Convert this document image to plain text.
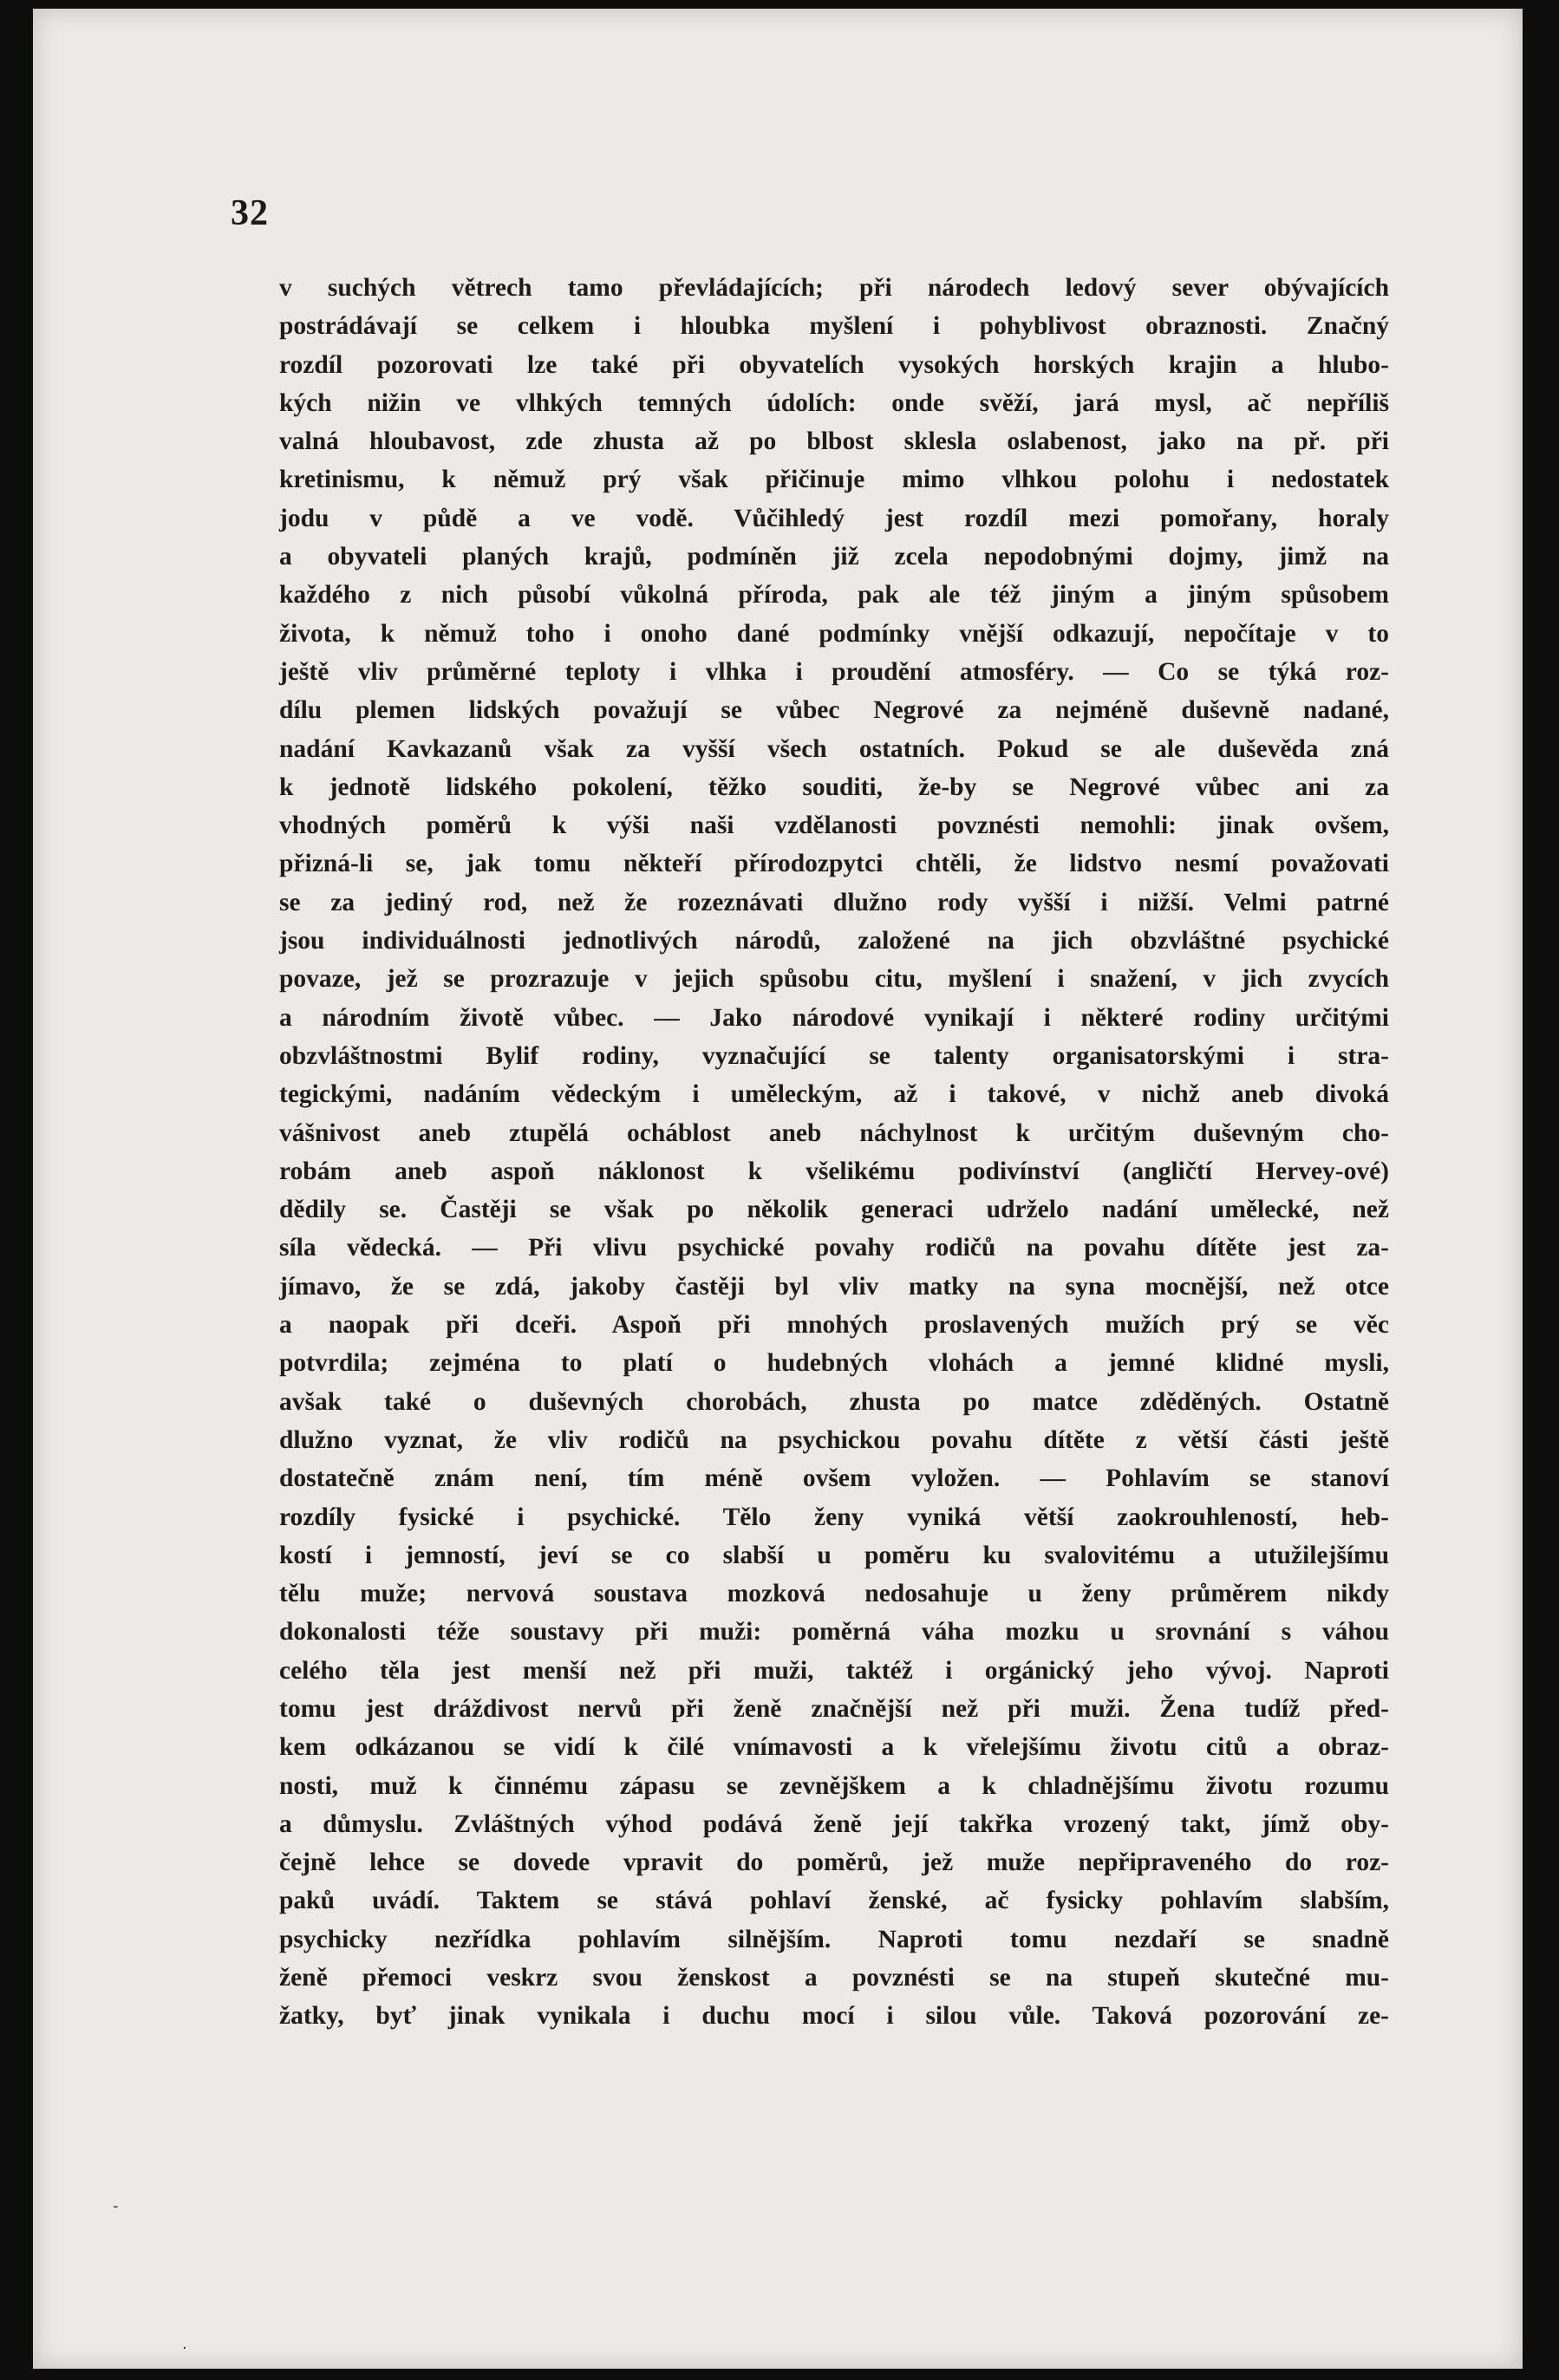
32
v suchých větrech tamo převládajících; při národech ledový sever obývajících
postrádávají se celkem i hloubka myšlení i pohyblivost obraznosti. Značný
rozdíl pozorovati lze také při obyvatelích vysokých horských krajin a hlubo-
kých nižin ve vlhkých temných údolích: onde svěží, jará mysl, ač nepříliš
valná hloubavost, zde zhusta až po blbost sklesla oslabenost, jako na př. při
kretinismu, k němuž prý však přičinuje mimo vlhkou polohu i nedostatek
jodu v půdě a ve vodě. Vůčihledý jest rozdíl mezi pomořany, horaly
a obyvateli planých krajů, podmíněn již zcela nepodobnými dojmy, jimž na
každého z nich působí vůkolná příroda, pak ale též jiným a jiným spůsobem
života, k němuž toho i onoho dané podmínky vnější odkazují, nepočítaje v to
ještě vliv průměrné teploty i vlhka i proudění atmosféry. — Co se týká roz-
dílu plemen lidských považují se vůbec Negrové za nejméně duševně nadané,
nadání Kavkazanů však za vyšší všech ostatních. Pokud se ale duševěda zná
k jednotě lidského pokolení, těžko souditi, že-by se Negrové vůbec ani za
vhodných poměrů k výši naši vzdělanosti povznésti nemohli: jinak ovšem,
přizná-li se, jak tomu někteří přírodozpytci chtěli, že lidstvo nesmí považovati
se za jediný rod, než že rozeznávati dlužno rody vyšší i nižší. Velmi patrné
jsou individuálnosti jednotlivých národů, založené na jich obzvláštné psychické
povaze, jež se prozrazuje v jejich spůsobu citu, myšlení i snažení, v jich zvycích
a národním životě vůbec. — Jako národové vynikají i některé rodiny určitými
obzvláštnostmi Bylif rodiny, vyznačující se talenty organisatorskými i stra-
tegickými, nadáním vědeckým i uměleckým, až i takové, v nichž aneb divoká
vášnivost aneb ztupělá ocháblost aneb náchylnost k určitým duševným cho-
robám aneb aspoň náklonost k všelikému podivínství (angličtí Hervey-ové)
dědily se. Častěji se však po několik generaci udrželo nadání umělecké, než
síla vědecká. — Při vlivu psychické povahy rodičů na povahu dítěte jest za-
jímavo, že se zdá, jakoby častěji byl vliv matky na syna mocnější, než otce
a naopak při dceři. Aspoň při mnohých proslavených mužích prý se věc
potvrdila; zejména to platí o hudebných vlohách a jemné klidné mysli,
avšak také o duševných chorobách, zhusta po matce zděděných. Ostatně
dlužno vyznat, že vliv rodičů na psychickou povahu dítěte z větší části ještě
dostatečně znám není, tím méně ovšem vyložen. — Pohlavím se stanoví
rozdíly fysické i psychické. Tělo ženy vyniká větší zaokrouhleností, heb-
kostí i jemností, jeví se co slabší u poměru ku svalovitému a utužilejšímu
tělu muže; nervová soustava mozková nedosahuje u ženy průměrem nikdy
dokonalosti téže soustavy při muži: poměrná váha mozku u srovnání s váhou
celého těla jest menší než při muži, taktéž i orgánický jeho vývoj. Naproti
tomu jest dráždivost nervů při ženě značnější než při muži. Žena tudíž před-
kem odkázanou se vidí k čilé vnímavosti a k vřelejšímu životu citů a obraz-
nosti, muž k činnému zápasu se zevnějškem a k chladnějšímu životu rozumu
a důmyslu. Zvláštných výhod podává ženě její takřka vrozený takt, jímž oby-
čejně lehce se dovede vpravit do poměrů, jež muže nepřipraveného do roz-
paků uvádí. Taktem se stává pohlaví ženské, ač fysicky pohlavím slabším,
psychicky nezřídka pohlavím silnějším. Naproti tomu nezdaří se snadně
ženě přemoci veskrz svou ženskost a povznésti se na stupeň skutečné mu-
žatky, byť jinak vynikala i duchu mocí i silou vůle. Taková pozorování ze-
-
·
